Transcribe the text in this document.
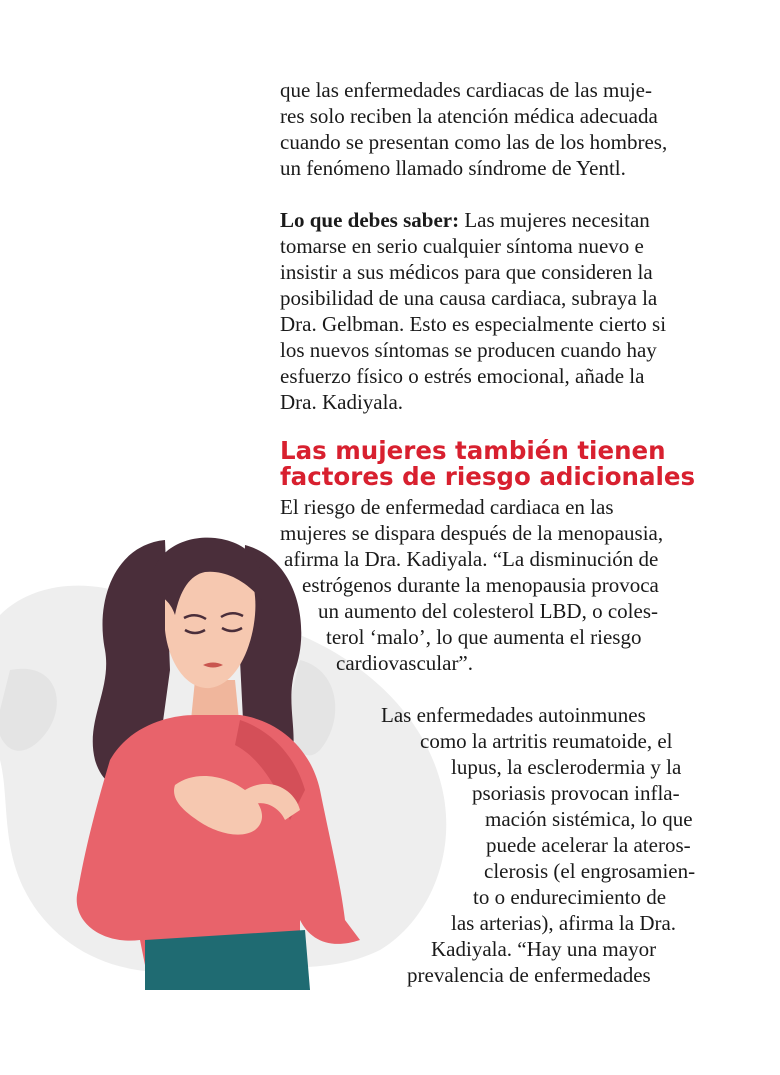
que las enfermedades cardiacas de las muje-
res solo reciben la atención médica adecuada
cuando se presentan como las de los hombres,
un fenómeno llamado síndrome de Yentl.
Lo que debes saber: Las mujeres necesitan
tomarse en serio cualquier síntoma nuevo e
insistir a sus médicos para que consideren la
posibilidad de una causa cardiaca, subraya la
Dra. Gelbman. Esto es especialmente cierto si
los nuevos síntomas se producen cuando hay
esfuerzo físico o estrés emocional, añade la
Dra. Kadiyala.
Las mujeres también tienen
factores de riesgo adicionales
El riesgo de enfermedad cardiaca en las
mujeres se dispara después de la menopausia,
afirma la Dra. Kadiyala. “La disminución de
estrógenos durante la menopausia provoca
un aumento del colesterol LBD, o coles-
terol ‘malo’, lo que aumenta el riesgo
cardiovascular”.
Las enfermedades autoinmunes
como la artritis reumatoide, el
lupus, la esclerodermia y la
psoriasis provocan infla-
mación sistémica, lo que
puede acelerar la ateros-
clerosis (el engrosamien-
to o endurecimiento de
las arterias), afirma la Dra.
Kadiyala. “Hay una mayor
prevalencia de enfermedades
